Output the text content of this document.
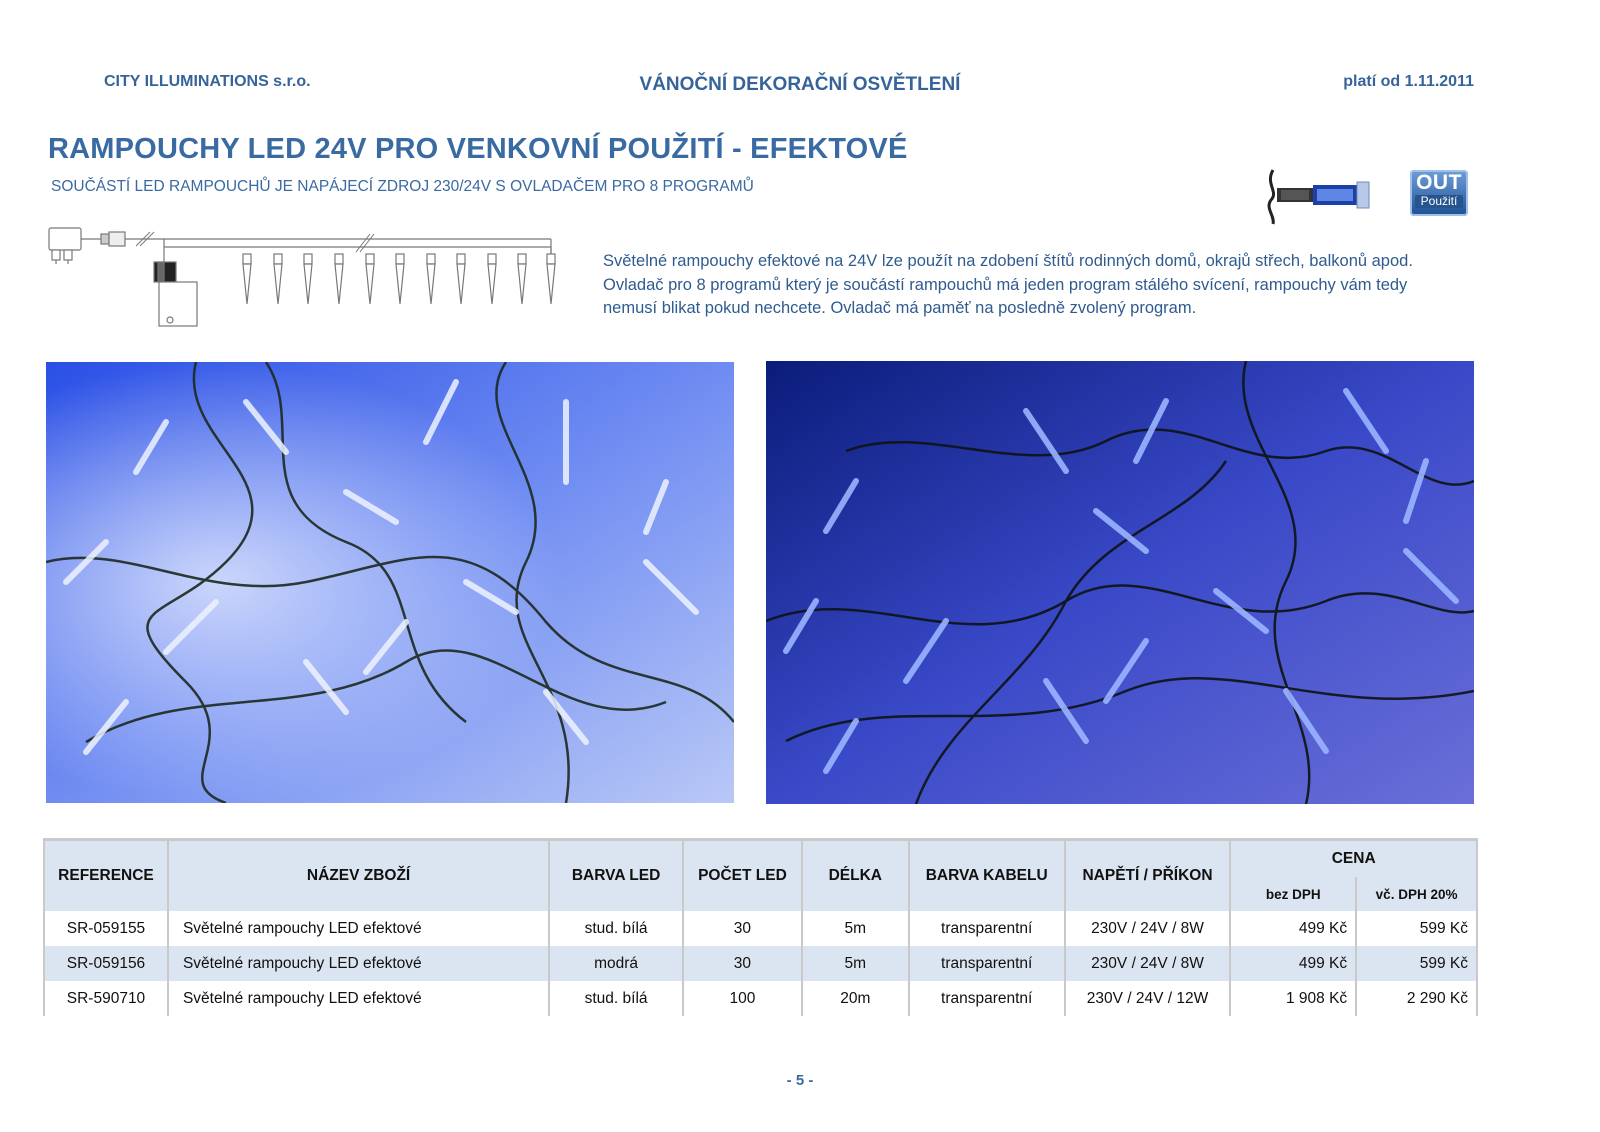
CITY ILLUMINATIONS s.r.o.	VÁNOČNÍ DEKORAČNÍ OSVĚTLENÍ	platí od 1.11.2011
RAMPOUCHY LED 24V PRO VENKOVNÍ POUŽITÍ - EFEKTOVÉ
SOUČÁSTÍ LED RAMPOUCHŮ JE NAPÁJECÍ ZDROJ 230/24V S OVLADAČEM PRO 8 PROGRAMŮ	OUT
Použití
Světelné rampouchy efektové na 24V lze použít na zdobení štítů rodinných domů, okrajů střech, balkonů apod. Ovladač pro 8 programů který je součástí rampouchů má jeden program stálého svícení, rampouchy vám tedy nemusí blikat pokud nechcete. Ovladač má paměť na posledně zvolený program.
REFERENCE	NÁZEV ZBOŽÍ	BARVA LED	POČET LED	DÉLKA	BARVA KABELU	NAPĚTÍ / PŘÍKON	CENA	
							bez DPH	vč. DPH 20%
SR-059155	Světelné rampouchy LED efektové	stud. bílá	30	5m	transparentní	230V / 24V / 8W	499 Kč	599 Kč
SR-059156	Světelné rampouchy LED efektové	modrá	30	5m	transparentní	230V / 24V / 8W	499 Kč	599 Kč
SR-590710	Světelné rampouchy LED efektové	stud. bílá	100	20m	transparentní	230V / 24V / 12W	1 908 Kč	2 290 Kč
- 5 -
